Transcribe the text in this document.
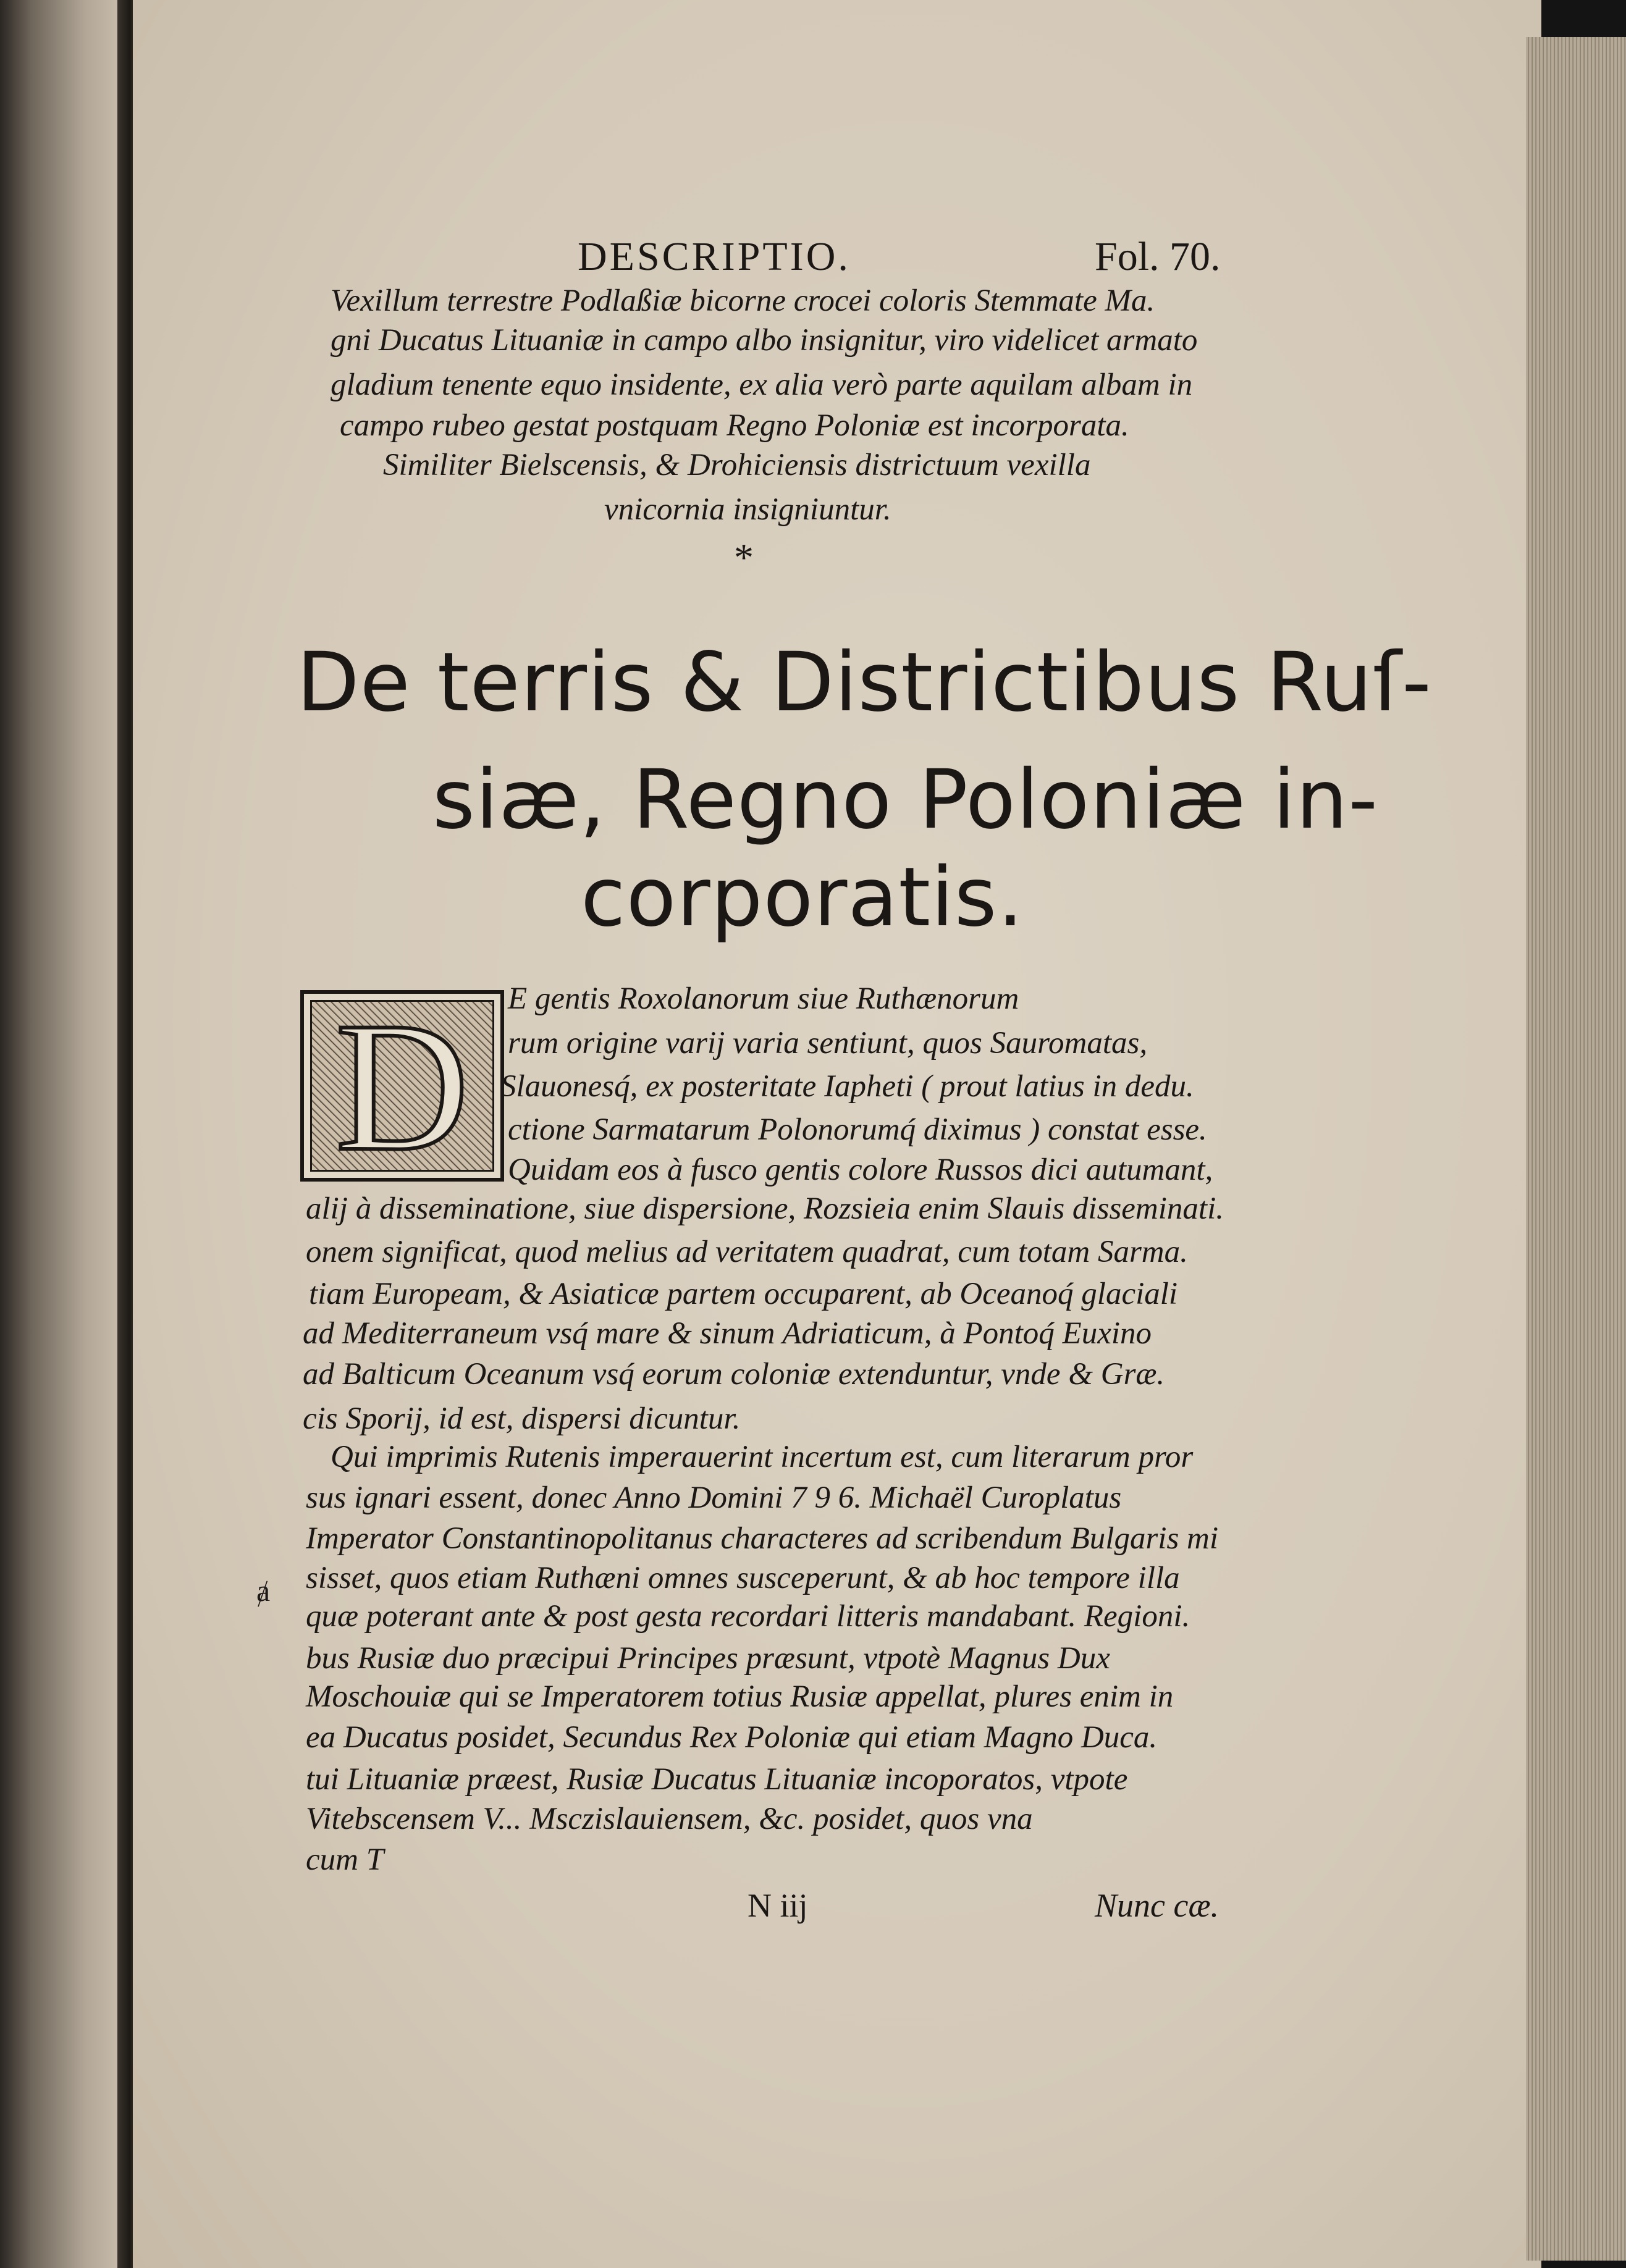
DESCRIPTIO.	Fol. 70.
Vexillum terrestre Podlaßiæ bicorne crocei coloris Stemmate Ma.
gni Ducatus Lituaniæ in campo albo insignitur, viro videlicet armato
gladium tenente equo insidente, ex alia verò parte aquilam albam in
campo rubeo gestat postquam Regno Poloniæ est incorporata.
Similiter Bielscensis, & Drohiciensis districtuum vexilla
vnicornia insigniuntur.
*
De terris & Districtibus Ruſ-
siæ, Regno Poloniæ in-
corporatis.
D	E gentis Roxolanorum siue Ruthænorum
rum origine varij varia sentiunt, quos Sauromatas,
Slauonesq́, ex posteritate Iapheti ( prout latius in dedu.
ctione Sarmatarum Polonorumq́ diximus ) constat esse.
Quidam eos à fusco gentis colore Russos dici autumant,
alij à disseminatione, siue dispersione, Rozsieia enim Slauis disseminati.
onem significat, quod melius ad veritatem quadrat, cum totam Sarma.
tiam Europeam, & Asiaticæ partem occuparent, ab Oceanoq́ glaciali
ad Mediterraneum vsq́ mare & sinum Adriaticum, à Pontoq́ Euxino
ad Balticum Oceanum vsq́ eorum coloniæ extenduntur, vnde & Græ.
cis Sporij, id est, dispersi dicuntur.
Qui imprimis Rutenis imperauerint incertum est, cum literarum pror
sus ignari essent, donec Anno Domini 7 9 6. Michaël Curoplatus
Imperator Constantinopolitanus characteres ad scribendum Bulgaris mi
sisset, quos etiam Ruthæni omnes susceperunt, & ab hoc tempore illa
quæ poterant ante & post gesta recordari litteris mandabant. Regioni.
bus Rusiæ duo præcipui Principes præsunt, vtpotè Magnus Dux
Moschouiæ qui se Imperatorem totius Rusiæ appellat, plures enim in
ea Ducatus posidet, Secundus Rex Poloniæ qui etiam Magno Duca.
tui Lituaniæ præest, Rusiæ Ducatus Lituaniæ incoporatos, vtpote
Vitebscensem V... Msczislauiensem, &c. posidet, quos vna
cum T
ⱥ
N iij	Nunc cæ.
